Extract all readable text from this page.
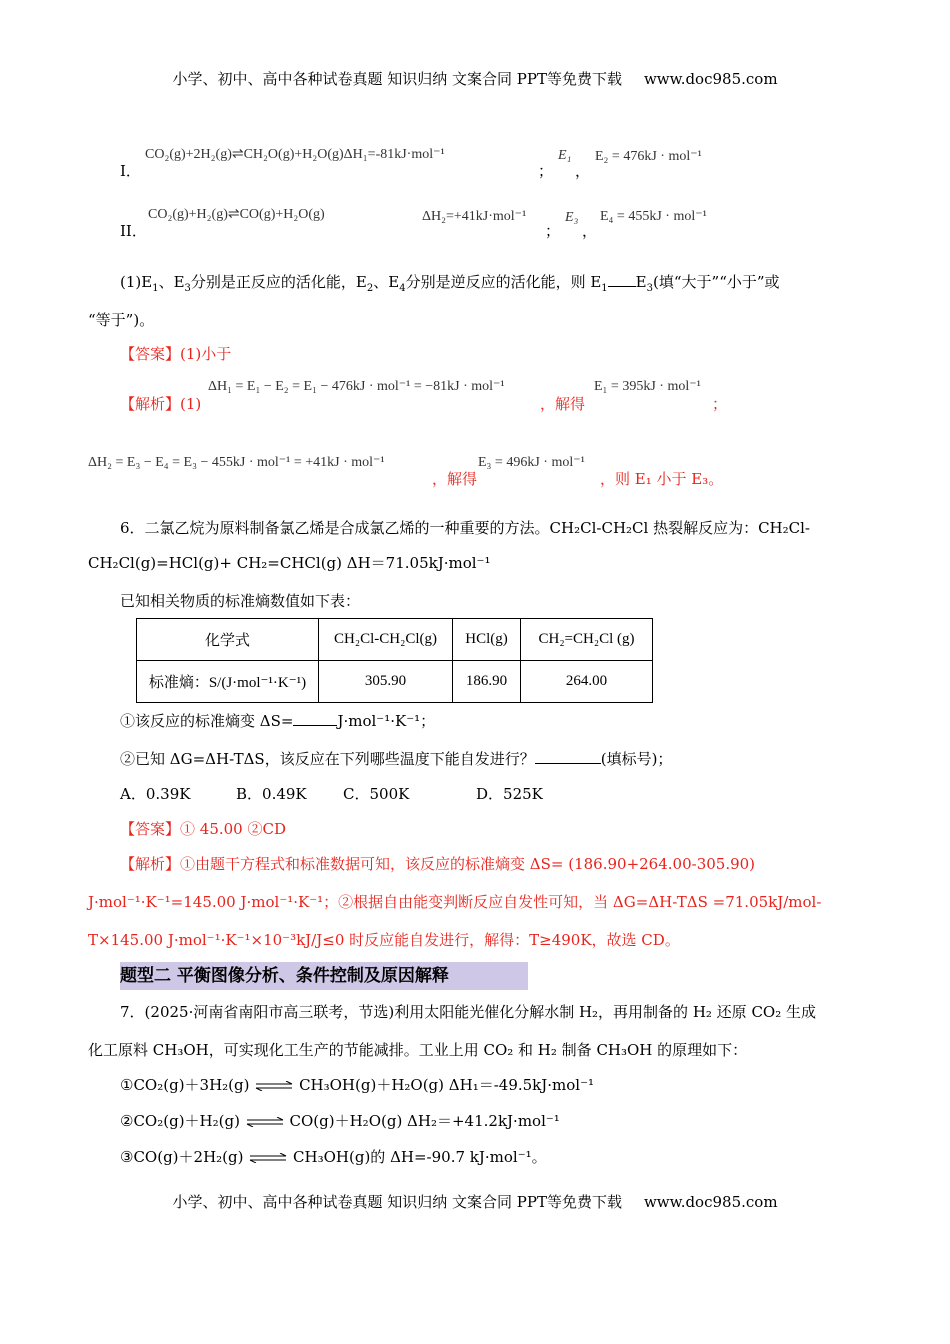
小学、初中、高中各种试卷真题 知识归纳 文案合同 PPT等免费下载 www.doc985.com
I．
CO₂(g)+2H₂(g)⇌CH₂O(g)+H₂O(g)ΔH₁=-81kJ·mol⁻¹
；
E₁
，
E₂ = 476kJ · mol⁻¹
II．
CO₂(g)+H₂(g)⇌CO(g)+H₂O(g)	ΔH₂=+41kJ·mol⁻¹
；
E₃
，
E₄ = 455kJ · mol⁻¹
$(1)E_1$、$E_3$分别是正反应的活化能，$E_2$、$E_4$分别是逆反应的活化能，则 $E_1$ $E_3$(填“大于”“小于”或
“等于”)。
【答案】(1)小于
【解析】(1)
ΔH₁ = E₁ − E₂ = E₁ − 476kJ · mol⁻¹ = −81kJ · mol⁻¹
，解得
E₁ = 395kJ · mol⁻¹
；
ΔH₂ = E₃ − E₄ = E₃ − 455kJ · mol⁻¹ = +41kJ · mol⁻¹
，解得
E₃ = 496kJ · mol⁻¹
，则 E₁ 小于 E₃。
6．二氯乙烷为原料制备氯乙烯是合成氯乙烯的一种重要的方法。CH₂Cl-CH₂Cl 热裂解反应为：CH₂Cl-
CH₂Cl(g)=HCl(g)+ CH₂=CHCl(g) ΔH＝71.05kJ·mol⁻¹
已知相关物质的标准熵数值如下表：
化学式	CH₂Cl-CH₂Cl(g)	HCl(g)	CH₂=CH₂Cl (g)
标准熵：S/(J·mol⁻¹·K⁻¹)	305.90	186.90	264.00
①该反应的标准熵变 ΔS=	J·mol⁻¹·K⁻¹；
②已知 ΔG=ΔH-TΔS，该反应在下列哪些温度下能自发进行？	(填标号)；
A．0.39K	B．0.49K C．500K	D．525K
【答案】① 45.00 ②CD
【解析】①由题干方程式和标准数据可知，该反应的标准熵变 ΔS= (186.90+264.00-305.90)
J·mol⁻¹·K⁻¹=145.00 J·mol⁻¹·K⁻¹；②根据自由能变判断反应自发性可知，当 ΔG=ΔH-TΔS =71.05kJ/mol-
T×145.00 J·mol⁻¹·K⁻¹×10⁻³kJ/J≤0 时反应能自发进行，解得：T≥490K，故选 CD。
题型二 平衡图像分析、条件控制及原因解释
7．(2025·河南省南阳市高三联考，节选)利用太阳能光催化分解水制 H₂，再用制备的 H₂ 还原 CO₂ 生成
化工原料 CH₃OH，可实现化工生产的节能减排。工业上用 CO₂ 和 H₂ 制备 CH₃OH 的原理如下：
①CO₂(g)＋3H₂(g) ⇌ CH₃OH(g)＋H₂O(g) ΔH₁＝-49.5kJ·mol⁻¹
②CO₂(g)＋H₂(g) ⇌ CO(g)＋H₂O(g) ΔH₂＝+41.2kJ·mol⁻¹
③CO(g)＋2H₂(g) ⇌ CH₃OH(g)的 ΔH=-90.7 kJ·mol⁻¹。
小学、初中、高中各种试卷真题 知识归纳 文案合同 PPT等免费下载 www.doc985.com
